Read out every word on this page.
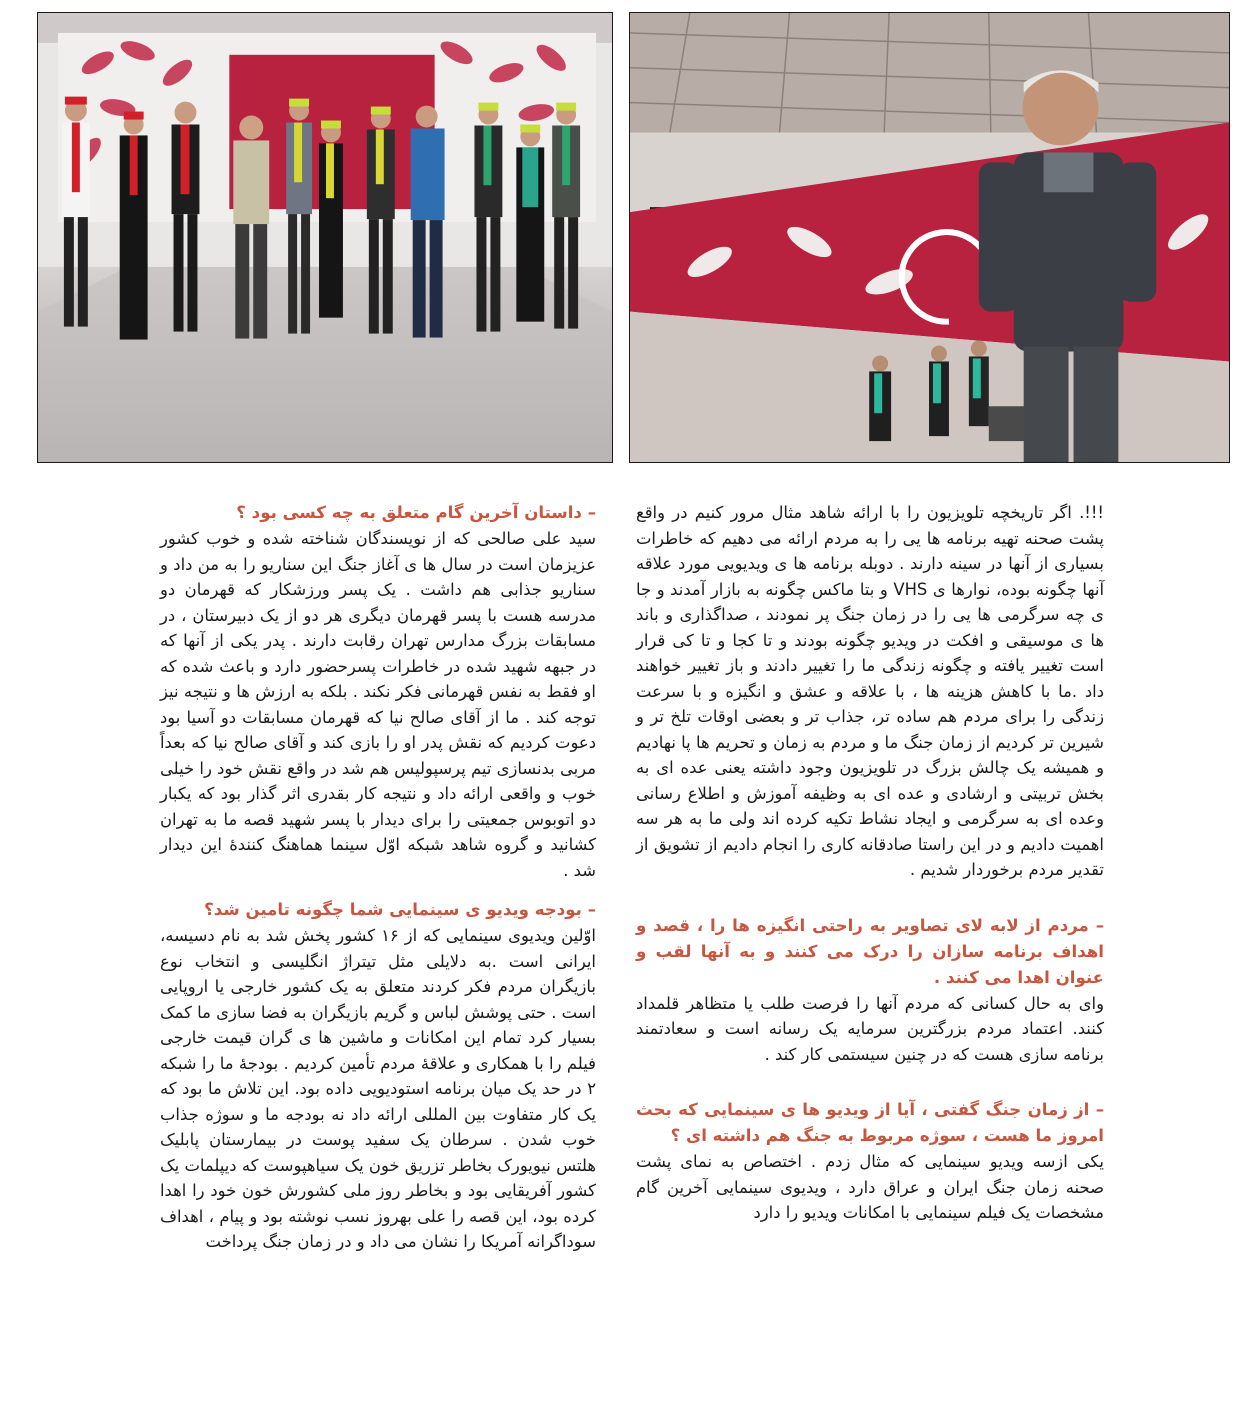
!!!. اگر تاریخچه تلویزیون را با ارائه شاهد مثال مرور کنیم در واقع پشت صحنه تهیه برنامه ها یی را به مردم ارائه می دهیم که خاطرات بسیاری از آنها در سینه دارند . دوبله برنامه ها ی ویدیویی مورد علاقه آنها چگونه بوده، نوارها ی VHS و بتا ماکس چگونه به بازار آمدند و جا ی چه سرگرمی ها یی را در زمان جنگ پر نمودند ، صداگذاری و باند ها ی موسیقی و افکت در ویدیو چگونه بودند و تا کجا و تا کی قرار است تغییر یافته و چگونه زندگی ما را تغییر دادند و باز تغییر خواهند داد .ما با کاهش هزینه ها ، با علاقه و عشق و انگیزه و با سرعت زندگی را برای مردم هم ساده تر، جذاب تر و بعضی اوقات تلخ تر و شیرین تر کردیم از زمان جنگ ما و مردم به زمان و تحریم ها پا نهادیم و همیشه یک چالش بزرگ در تلویزیون وجود داشته یعنی عده ای به بخش تربیتی و ارشادی و عده ای به وظیفه آموزش و اطلاع رسانی وعده ای به سرگرمی و ایجاد نشاط تکیه کرده اند ولی ما به هر سه اهمیت دادیم و در این راستا صادقانه کاری را انجام دادیم از تشویق از تقدیر مردم برخوردار شدیم .

– مردم از لابه لای تصاویر به راحتی انگیزه ها را ، قصد و اهداف برنامه سازان را درک می کنند و به آنها لقب و عنوان اهدا می کنند .

وای به حال کسانی که مردم آنها را فرصت طلب یا متظاهر قلمداد کنند. اعتماد مردم بزرگترین سرمایه یک رسانه است و سعادتمند برنامه سازی هست که در چنین سیستمی کار کند .

– از زمان جنگ گفتی ، آیا از ویدیو ها ی سینمایی که بحث امروز ما هست ، سوژه مربوط به جنگ هم داشته ای ؟

یکی ازسه ویدیو سینمایی که مثال زدم . اختصاص به نمای پشت صحنه زمان جنگ ایران و عراق دارد ، ویدیوی سینمایی آخرین گام مشخصات یک فیلم سینمایی با امکانات ویدیو را دارد

– داستان آخرین گام متعلق به چه کسی بود ؟

سید علی صالحی که از نویسندگان شناخته شده و خوب کشور عزیزمان است در سال ها ی آغاز جنگ این سناریو را به من داد و سناریو جذابی هم داشت . یک پسر ورزشکار که قهرمان دو مدرسه هست با پسر قهرمان دیگری هر دو از یک دبیرستان ، در مسابقات بزرگ مدارس تهران رقابت دارند . پدر یکی از آنها که در جبهه شهید شده در خاطرات پسرحضور دارد و باعث شده که او فقط به نفس قهرمانی فکر نکند . بلکه به ارزش ها و نتیجه نیز توجه کند . ما از آقای صالح نیا که قهرمان مسابقات دو آسیا بود دعوت کردیم که نقش پدر او را بازی کند و آقای صالح نیا که بعداً مربی بدنسازی تیم پرسپولیس هم شد در واقع نقش خود را خیلی خوب و واقعی ارائه داد و نتیجه کار بقدری اثر گذار بود که یکبار دو اتوبوس جمعیتی را برای دیدار با پسر شهید قصه ما به تهران کشانید و گروه شاهد شبکه اوّل سینما هماهنگ کنندهٔ این دیدار شد .

– بودجه ویدیو ی سینمایی شما چگونه تامین شد؟

اوّلین ویدیوی سینمایی که از ۱۶ کشور پخش شد به نام دسیسه، ایرانی است .به دلایلی مثل تیتراژ انگلیسی و انتخاب نوع بازیگران مردم فکر کردند متعلق به یک کشور خارجی یا اروپایی است . حتی پوشش لباس و گریم بازیگران به فضا سازی ما کمک بسیار کرد تمام این امکانات و ماشین ها ی گران قیمت خارجی فیلم را با همکاری و علاقهٔ مردم تأمین کردیم . بودجهٔ ما را شبکه ۲ در حد یک میان برنامه استودیویی داده بود. این تلاش ما بود که یک کار متفاوت بین المللی ارائه داد نه بودجه ما و سوژه جذاب خوب شدن . سرطان یک سفید پوست در بیمارستان پابلیک هلتس نیویورک بخاطر تزریق خون یک سیاهپوست که دیپلمات یک کشور آفریقایی بود و بخاطر روز ملی کشورش خون خود را اهدا کرده بود، این قصه را علی بهروز نسب نوشته بود و پیام ، اهداف سوداگرانه آمریکا را نشان می داد و در زمان جنگ پرداخت
